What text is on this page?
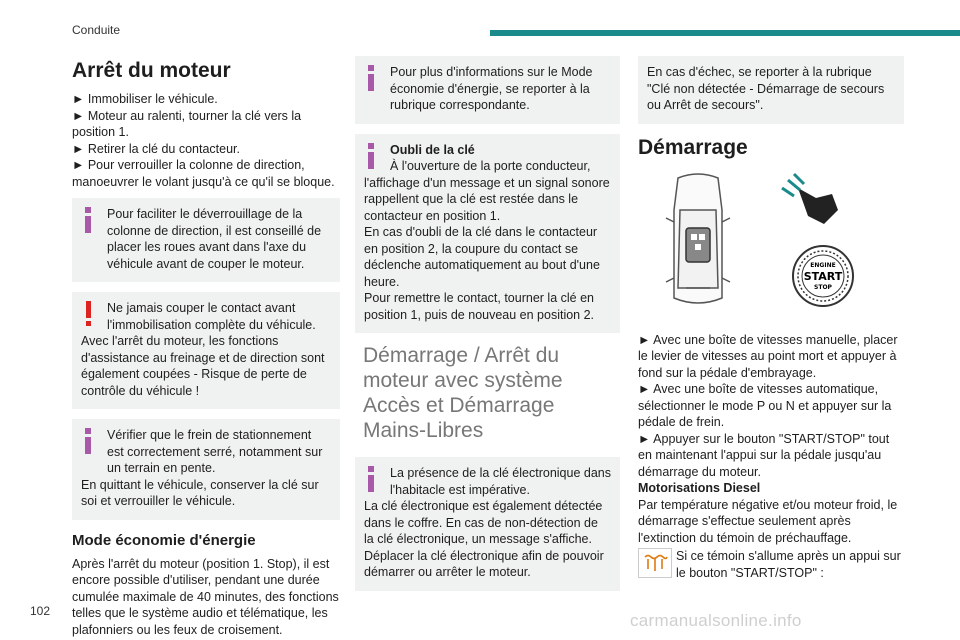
Conduite
Arrêt du moteur

► Immobiliser le véhicule.

► Moteur au ralenti, tourner la clé vers la position 1.

► Retirer la clé du contacteur.

► Pour verrouiller la colonne de direction, manoeuvrer le volant jusqu'à ce qu'il se bloque.

Pour faciliter le déverrouillage de la colonne de direction, il est conseillé de placer les roues avant dans l'axe du véhicule avant de couper le moteur.

Ne jamais couper le contact avant l'immobilisation complète du véhicule.

Avec l'arrêt du moteur, les fonctions d'assistance au freinage et de direction sont également coupées - Risque de perte de contrôle du véhicule !

Vérifier que le frein de stationnement est correctement serré, notamment sur un terrain en pente.

En quittant le véhicule, conserver la clé sur soi et verrouiller le véhicule.

Mode économie d'énergie

Après l'arrêt du moteur (position 1. Stop), il est encore possible d'utiliser, pendant une durée cumulée maximale de 40 minutes, des fonctions telles que le système audio et télématique, les plafonniers ou les feux de croisement.

Pour plus d'informations sur le Mode économie d'énergie, se reporter à la rubrique correspondante.

Oubli de la clé

À l'ouverture de la porte conducteur,

l'affichage d'un message et un signal sonore rappellent que la clé est restée dans le contacteur en position 1.

En cas d'oubli de la clé dans le contacteur en position 2, la coupure du contact se déclenche automatiquement au bout d'une heure.

Pour remettre le contact, tourner la clé en position 1, puis de nouveau en position 2.

Démarrage / Arrêt du moteur avec système Accès et Démarrage Mains-Libres

La présence de la clé électronique dans l'habitacle est impérative.

La clé électronique est également détectée dans le coffre. En cas de non-détection de la clé électronique, un message s'affiche. Déplacer la clé électronique afin de pouvoir démarrer ou arrêter le moteur.

En cas d'échec, se reporter à la rubrique "Clé non détectée - Démarrage de secours ou Arrêt de secours".

Démarrage
ENGINE
START
STOP

► Avec une boîte de vitesses manuelle, placer le levier de vitesses au point mort et appuyer à fond sur la pédale d'embrayage.

► Avec une boîte de vitesses automatique, sélectionner le mode P ou N et appuyer sur la pédale de frein.

► Appuyer sur le bouton "START/STOP" tout en maintenant l'appui sur la pédale jusqu'au démarrage du moteur.

Motorisations Diesel

Par température négative et/ou moteur froid, le démarrage s'effectue seulement après l'extinction du témoin de préchauffage.

Si ce témoin s'allume après un appui sur le bouton "START/STOP" :

102	carmanualsonline.info
